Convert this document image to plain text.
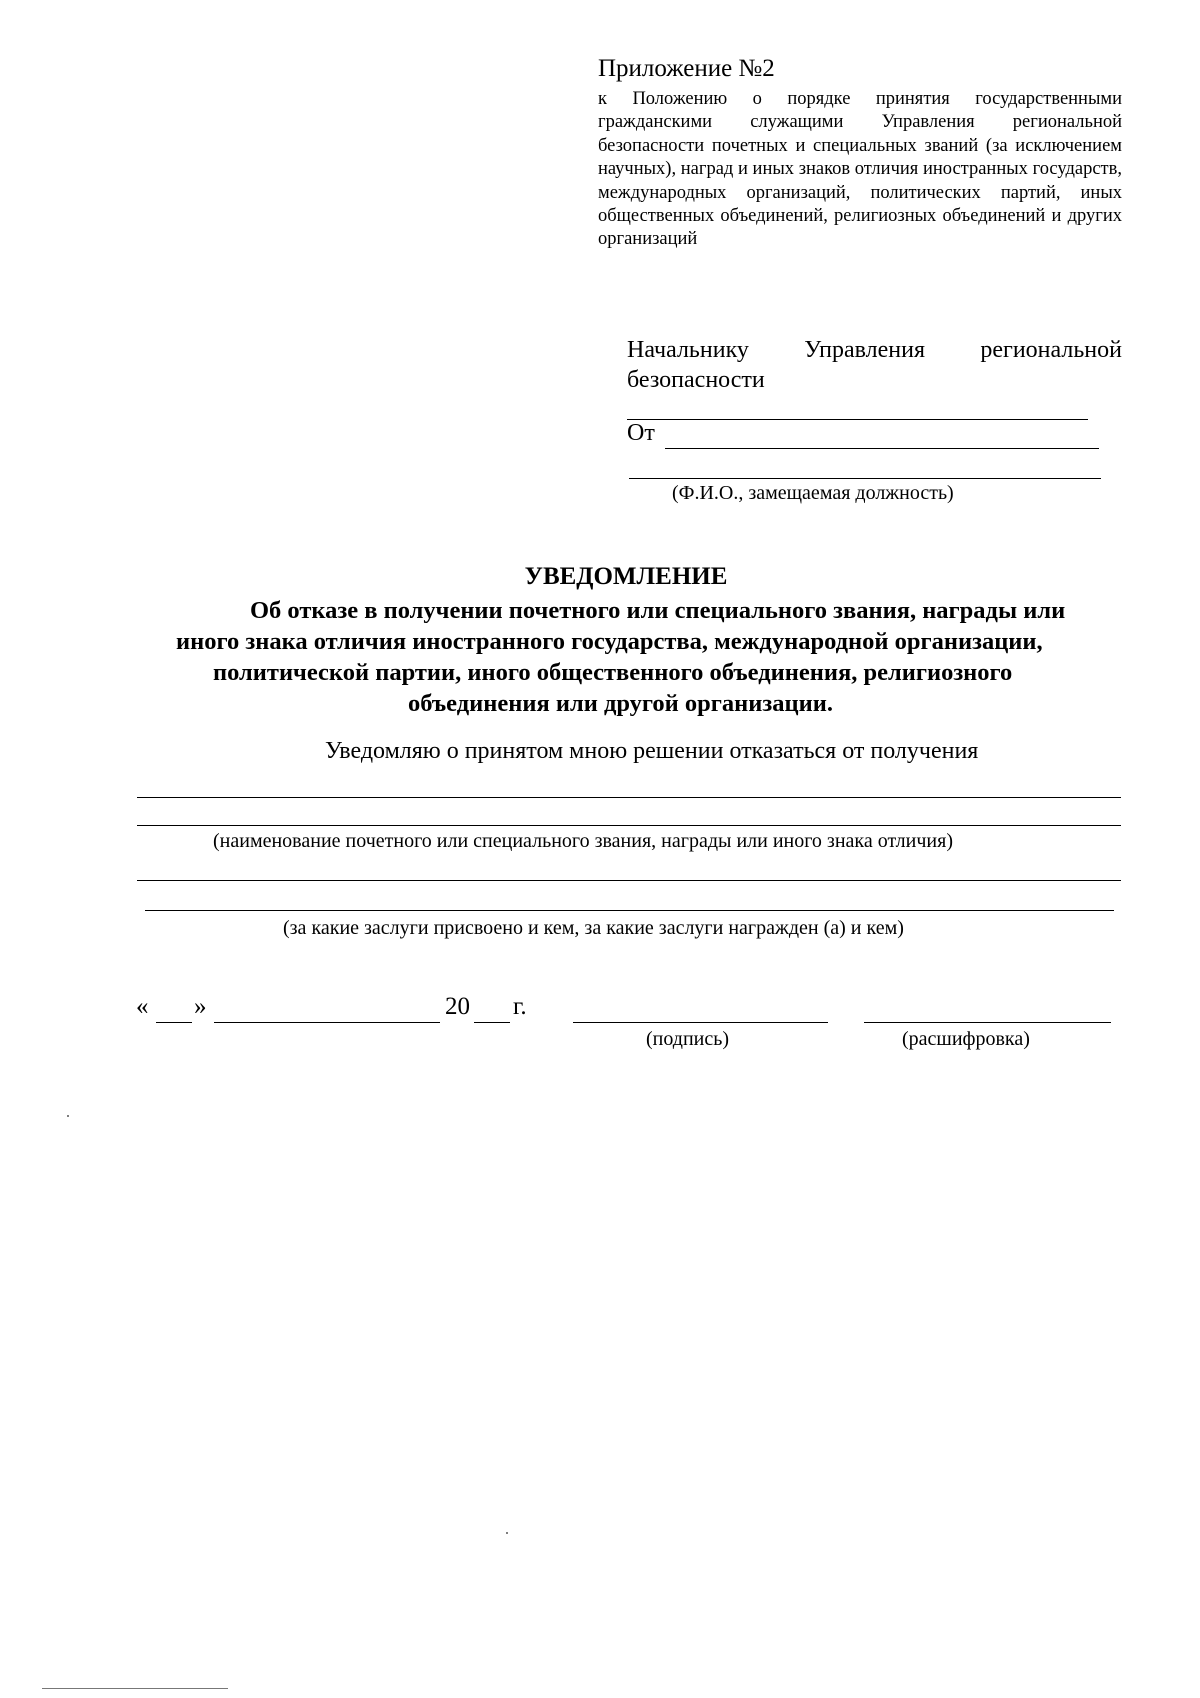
Приложение №2
к Положению о порядке принятия государственными гражданскими служащими Управления региональной безопасности почетных и специальных званий (за исключением научных), наград и иных знаков отличия иностранных государств, международных организаций, политических партий, иных общественных объединений, религиозных объединений и других организаций
Начальнику Управления региональной безопасности
От
(Ф.И.О., замещаемая должность)
УВЕДОМЛЕНИЕ
Об отказе в получении почетного или специального звания, награды или
иного знака отличия иностранного государства, международной организации,
политической партии, иного общественного объединения, религиозного
объединения или другой организации.
Уведомляю о принятом мною решении отказаться от получения
(наименование почетного или специального звания, награды или иного знака отличия)
(за какие заслуги присвоено и кем, за какие заслуги награжден (а) и кем)
« »	20 г.
(подпись)	(расшифровка)
